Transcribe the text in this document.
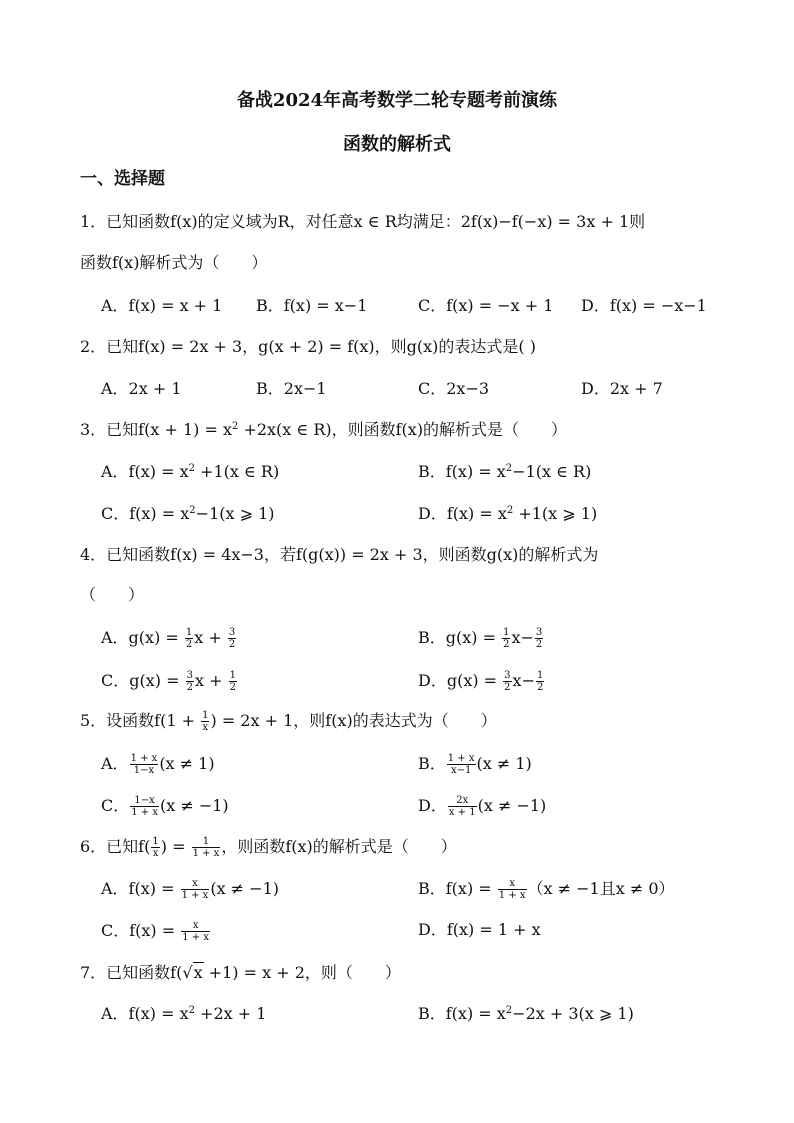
备战2024年高考数学二轮专题考前演练
函数的解析式
一、选择题
1．已知函数f(x)的定义域为R，对任意x ∈ R均满足：2f(x)−f(−x) = 3x + 1则
函数f(x)解析式为（　　）
A．f(x) = x + 1 B．f(x) = x−1	C．f(x) = −x + 1 D．f(x) = −x−1
2．已知f(x) = 2x + 3，g(x + 2) = f(x)，则g(x)的表达式是( )
A．2x + 1	B．2x−1	C．2x−3	D．2x + 7
3．已知$f(x + 1) = x^2 +2x(x$ ∈ R)，则函数f(x)的解析式是（　　）
A．$f(x) = x^2 +1(x$ ∈ R)	B．$f(x) = x^2-1(x$ ∈ R)
C．$f(x) = x^2-1(x$ ⩾ 1)	D．$f(x) = x^2 +1(x$ ⩾ 1)
4．已知函数f(x) = 4x−3，若f(g(x)) = 2x + 3，则函数g(x)的解析式为
（　　）
A．$g(x) = \frac{1}{2}$ $x + \frac{3}{2}$	B．$g(x) = \frac{1}{2} x- \frac{3}{2}$
C．$g(x) = \frac{3}{2}$ $x + \frac{1}{2}$	D．$g(x) = \frac{3}{2} x- \frac{1}{2}$
5．设函数$f(1 + \frac{1}{x}$ ) = 2x + 1，则f(x)的表达式为（　　）
A． $\frac{1 + x}{1-x} (x \ne 1)$	B． $\frac{1 + x}{x-1} (x \ne 1)$
C． $\frac{1-x}{1 + x} (x \ne -1)$	D． $\frac{2x}{x + 1} (x \ne -1)$
6．已知$f( \frac{1}{x}$ ) = $\frac{1}{1 + x}$ ，则函数f(x)的解析式是（　　）
A．$f(x) = \frac{x}{1 + x} (x \ne -1)$	B．$f(x) = \frac{x}{1 + x} (x \ne -1$且x ≠ 0）
C．$f(x) = \frac{x}{1 + x}$	D．f(x) = 1 + x
7．已知函数f(√x +1) = x + 2，则（　　）
A．$f(x) = x^2 +2x + 1$	B．$f(x) = x^2-2x + 3(x$ ⩾ 1)
